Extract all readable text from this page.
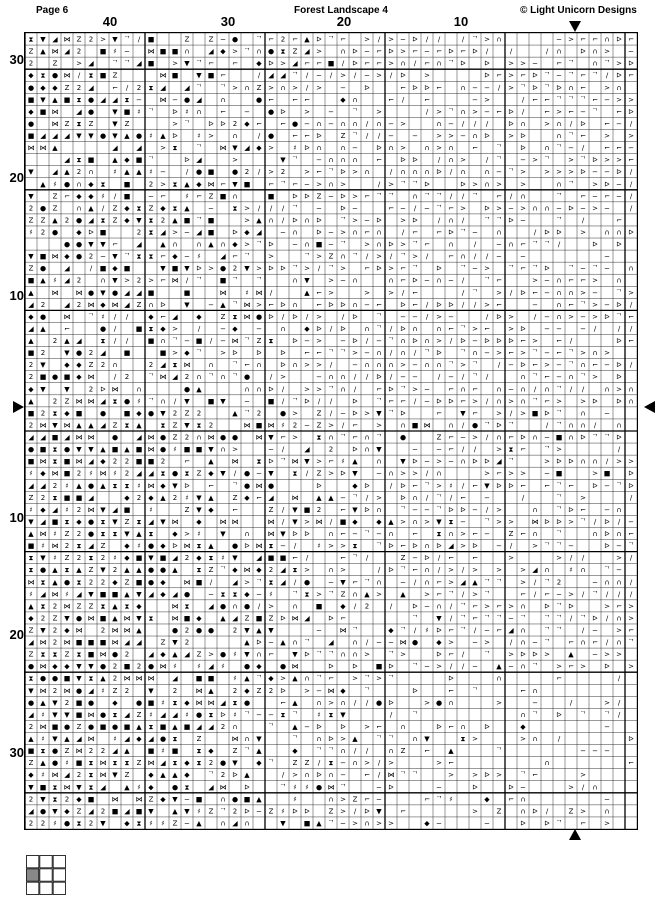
Page 6	Forest Landscape 4	© Light Unicorn Designs
40	30	20	10
30
20
10
10
20
30
⧗ ▼ ◢ ⋈ Z 2 > ▼ ᄀ / ■	Z	Z − ●	ᄀ ⌐ 2 ⌐ ▲ ᐅ ᄀ ⌐	> / > − ᐅ / /	/ ᄀ > ∩	− > ⌐ ⌐ ∩ ᐅ ⌐
Z ▲ ⋈ ◢ 2	■ ♯ −	⋈ ■ ■ ∩	◢ ◆ > ᄀ ∩ ● ⧗ Z ◢ >	∩ ᐅ − ⌐ ᐅ > ⌐ − ⌐ ᐅ ⌐ ᐅ /	/	/ ∩	ᐅ ∩ >	−
2	Z	> ◢	ᄀ ᄀ ◢ ■	> ▼ ᄀ ⌐	⌐	◆ ᐅ > ◢ ⌐ ⌐ ■ / ᐅ ⌐ ⌐ > ∩ / ⌐ ∩ ᄀ ᐅ	ᐅ	> > −	⌐ ᄀ	∩ ᄀ > ᐅ
◆ ⧗ ● ⋈ / ⧗ ■ Z	⋈ ■	▼ ■ ⌐	/ ◢ ◢ ᄀ / − / > / − > / ᐅ	>	ᐅ ⌐ > ⌐ ᐅ ᄀ − ᄀ ⌐ ᄀ / ᐅ ⌐
● ◆ ◆ Z 2 ◢	⌐ / 2 ⧗ ◢	◢ ᄀ ᄀ > ∩ Z > ∩ > / >	−	ᐅ	⌐ ᐅ ᐅ ⌐	∩ − − / > ᄀ ᐅ ᄀ ᐅ ∩ ⌐	> ∩
■ ▼ ▲ ■ ⧗ ● ◢ ◢ ⧗ −	⋈ − ● ◢	∩	● ⌐	⌐ ⌐	◆ ∩	⌐ /	⌐	− >	/ ⌐ ⌐ ᄀ ᄀ ᄀ ⌐ − > >
◆ ■ ⋈	◢ ●	▼ ■ ♯ ᄀ	ᐅ ♯ ∩	⌐	−	● ᐅ	>	−	ᄀ	>	/ > ᄀ ∩ > − ⌐ ᐅ /	⌐ > ⌐ − ᄀ	⌐ ᐅ
● ⋈ Z ⧗ Z	▼ Z	> ᄀ	ᐅ ᐅ 2 ◆ ⌐	⌐ ● − ∩ − ∩ ∩ / ∩ − >	∩ − / / /	ᐅ ∩	> ∩ / ᐅ	⌐ − /
■ ◢ ◢ ◢ ▼ ▼ ● ▼ ▲ ● ♯ ▲ ᐅ	♯ >	∩	/ ●	⌐ ⌐ ᐅ	Z ᄀ / / −	−	> > − ∩ ᐅ	> ᐅ	∩ ᄀ ⌐	>	>
⋈ ⋈ ▲	◢	◢	> ⧗	ᄀ ⋈ ▼ ◢ ◆ >	♯ ᐅ ∩	∩ −	ᐅ ∩ >	∩ > ∩	⌐	ᄀ	ᐅ	∩ ᄀ − /	⌐ ⌐ −
◢ ⧗ ■	▲ ◆ ■ ᄀ	ᐅ ◢	>	▼ ᄀ	− ∩ ∩ ∩	⌐	ᐅ ᐅ	/ ∩ >	/ ᄀ	− > ᄀ	> ᄀ ᐅ > > ⌐
▼	◢ ▲ 2 ∩	♯ ▲ ▲ ♯ −	/ ● ■	● 2 / > 2	> ⌐ ᄀ ᐅ > ∩	/ ∩ ∩ ∩ ᐅ / ∩	∩ − ᄀ >	> > > ᐅ − − ᐅ /
▲ ♯ ● ∩ ◆ ⧗	■	2 > ⧗ ▲ ◆ ⋈ ⌐ ▼ ■	⌐ ᄀ ⌐ − > ∩ >	/ > ᄀ ᄀ ᐅ	ᐅ > ∩ >	>	∩ ᄀ	> ᐅ − /
▼	Z ⌐ ◆ ◆ ♯ / ■	− ⌐	♯ ⌐ Z ■ ∩	■	ᐅ ᐅ Z − ᐅ > ⌐ ᄀ ᄀ	∩ ᄀ ᄀ / / ᄀ	⌐ / ∩	ᄀ	⌐ − ⌐ − /
2 ● Z	∩ ▲ / Z ◆ ⧗ Z ◆ ⧗ ▲	−	⧗ > / / / ᄀ	−	ᐅ −	⌐ − / − ᄀ ⌐ >	ᐅ > − > ∩ ∩ − ᐅ − > −	/
Z Z ▲ 2 ● ◢ ⧗ Z ◆ ▼ ⧗ 2 ▲ ■ ᄀ ■	> ▲ ∩ / ᐅ ∩ ᐅ	ᄀ > − ᐅ	> ᐅ	/ ∩ /	ᄀ ᄀ ᐅ −	ᄀ	/	⌐
♯ 2 ●	◆ ᐅ ■	2 ⧗ ◢ > − ◢ ■	ᐅ ◆ ◢	− ∩	ᐅ − > ∩ ⌐ ∩	/ ⌐	⌐ ᐅ ᄀ −	∩	/ ᐅ ᐅ	>	∩ ∩ ᐅ
● ● ▼ ▼ ⌐	◢	▲ ∩	∩ ▲ ∩ ◆ > ᄀ ᐅ	− ∩ ■ − ᄀ	> ∩ ᐅ > ᄀ ⌐	∩	/	− ∩ ⌐ ᄀ ᄀ /	ᐅ	ᐅ
▼ ■ ⋈ ◆ ● 2 − ▼ ᄀ ⧗ ⧗ ⌐ ◆ − ♯	◢ ⌐ ᄀ	>	ᄀ > Z ∩ ᄀ / > / ᄀ > /	⌐ ∩ / / −	−	−
Z ●	◢	/ ■ ◆ ■	▼ ■ ▼ ᐅ > ● 2 ▼ > ᐅ ᐅ ᄀ > / ᄀ >	⌐ ᐅ > ⌐ ᄀ	ᐅ	ᄀ − >	ᄀ ⌐ ᄀ ᐅ	ᄀ − ᄀ −	∩
■ ▲ ♯ ◢ 2	∩ ▼ > 2 > ⌐ ⋈ / ᄀ ■ ᄀ ᄀ	∩ ▼	> − ∩	∩ ⌐ ᐅ − ∩ − /	ᄀ ⌐	> − ∩ ⌐ ⌐ >	∩
▲	⋈ ⋈ ● ▼ ● ◢ ◢ ■	■	⋈	♯ ⋈ /	▲ ⌐ >	>	> / ⌐	/ ᄀ	> / ᐅ ⌐ − ∩ ∩ > −	ᄀ >
◢ 2	◢ 2 ⋈ ◆ ⋈ ◢ Z ∩ ᐅ	▼	− ▲ ᄀ ⋈ > ⌐ ᐅ ∩	⌐ ᐅ ᐅ ∩ − ⌐	ᐅ ⌐ / ᐅ ᐅ / / > ⌐	−	∩ ⌐ ᄀ > − ᐅ /
◆ ● ⋈ ᄀ ♯ / /	◆ ⌐ ◢	◆	Z ⧗ ⋈ ● ᐅ / ᐅ / >	/ ᐅ	ᄀ	− − / > −	/ ᐅ >	/ − ∩ > − > ᐅ ᄀ ⌐
◢ ▲	⌐	● /	■ ⧗ ◆ >	/	− ◆	−	∩	◆ ᐅ / ᐅ	∩ ᄀ / ᐅ ∩	∩ ⌐ ᄀ > ⌐	> ᐅ	− −	− /	/ /
▲	2 ▲ ◢	⧗ / /	■ ∩ ᄀ − ■ / − ⋈ ᄀ Z ⧗	ᐅ − >	− ᐅ / − ᄀ ∩ ᐅ ∩ > / ᐅ − ᐅ ᐅ ᐅ ⌐ >	⌐ /	ᐅ ⌐
■ 2	▼ ● 2 ◢	■	■ > ◆ ᄀ	> ᐅ	ᐅ	ᐅ	⌐ ⌐ ᄀ ᄀ > − ∩ / ∩ / ᄀ ᐅ	ᄀ ∩ − > ⌐ > ᄀ − ⌐ ᄀ > ∩ >
2 ▼	◆ ◆ Z 2 ∩	2 ◢ ⧗ ⋈	∩	ᄀ ⌐ ∩	ᐅ ∩ > > /	− ∩ ∩ ∩ > − ∩ ∩ ᄀ > ᄀ	/ − ᐅ ⌐ > − ᄀ ∩ ⌐ − ᐅ /
2 ■ ● ■ ◆ ⋈	/ 2	ᄀ ⋈ ◢ 2 ∩ ᄀ ∩ ᄀ ●	/ >	− ∩ ∩ / / ᐅ / − −	/ − / ᄀ /	∩ ᄀ ⌐ − ∩ ᄀ >	ᐅ
◆ ▼	▼	2 ᐅ ⋈	∩	● ▲	∩ ∩ ᐅ /	> > ᄀ ∩ /	⌐ ᐅ ᄀ > −	⌐ ∩ ⌐	∩ − ∩ / ∩ ᄀ / /	∩ > ∩
▲	2 Z ⋈ ⋈ ◢ ⧗ ● ♯ ᄀ ∩ / ▼	■ ▼	−	■ / ᄀ ᐅ / /	ᐅ	ᄀ ⌐ ⌐ / − ᐅ ᐅ ⌐ > / ∩ > ∩ ᄀ ⌐ >	> ᐅ	ᐅ ∩
■ 2 ⧗ ◆ ■	●	■ ◆ ● ▼ 2 Z 2	▲ ᄀ 2	● >	Z / − ᐅ > ▼ ᄀ ᐅ	⌐	▼ ⌐	> / > ■ ᐅ ᄀ	∩	−
2 ⋈ ▼ ⋈ ▲ ▲ ◢ Z ⧗ ▲	⧗ Z ▼ ⧗ 2	⋈ ■ ⋈ ♯ 2 − Z > / ⌐	>	∩ ■ ⋈	∩ / ● ᄀ ᐅ ᄀ	/ ᄀ ∩ ∩ /	∩
◢ ◢ ■ ◢ ⋈ ⋈ ●	◢ ⋈ ● Z 2 ∩ ⋈ ● ● ⋈ ▼ ⌐ >	⧗ ∩ ᄀ ⌐ ∩ ᄀ	●	Z ⌐ − > / ∩ ⌐ ᐅ ∩ − ■ ∩ ᐅ ᄀ ᄀ ᐅ
● ■ ⧗ ● ▼ ▼ ▲ ■ ▲ ■ ⋈ ● ♯ ■ ■ ▼ ∩ >	− /	◢	2	ᐅ ∩ ▼	−	− ⌐ / /	> ⧗ ⌐	ᄀ >	/
■ ⋈ ⧗ ■ ⋈ ◢ ◆ 2 2 ■ ■ 2	⌐	▲	⋈	⧗ ᐅ ᄀ ⋈ ▼ > ⌐ ♯ ▲	∩	▼ ᐅ − > − ∩ ᐅ ᐅ ◢ ᄀ	> ᐅ ᐅ ∩ ∩ / > >
♯ ◆ ⋈ ■ 2 ♯ ⋈ ♯ 2 ◢ ◢ ⧗ ● ⧗ Z ◆ ▼ / ● − ▼	⧗ / Z > ᐅ ▼	− ∩ > > / ∩	> ⌐ > >	− ■	> ■	ᐅ
◢ ◢ 2 ♯ ▲ ● ▲ ⧗ ⧗ ♯ ⋈ ◆ ▼ ᐅ	⌐	ᄀ ● ⋈ ●	ᐅ	◆ ᐅ	/ ᐅ ⌐ ᄀ > ♯ / ⌐ ▼ ᐅ ᐅ ⌐	⌐ ᄀ ⌐	ᐅ − ᄀ ᐅ
Z 2 ⧗ ■ ■ ◢	◆ 2 ◆ ▲ 2 ♯ ▼ ▲	Z ◆ ⌐ ◢	⋈	▲ ▲ − ᄀ / >	ᐅ ∩ / ᄀ / ⌐	−	/	ᄀ	>	/
♯ ◆ ◢ ♯ 2 ⋈ ▼ ◢ ■	♯	Z ▼ ◆	⌐	Z / ▼ ■ 2	⌐ ▼ ᐅ ∩	ᄀ − − ᄀ ᐅ ᐅ − / >	∩	ᄀ ᐅ ⌐	− ∩
▼ ◢ ■ ⧗ ◆ ● ⧗ ▼ Z ⧗ ◢ ▼ ⋈	◆	⋈ ⋈	⋈ / ▼ > ⋈ / ■ ◆	◆ ▲ > ∩ > ▼ ⧗ −	ᄀ > >	⋈ ᐅ ᐅ > ᄀ / ᐅ / −
▲ ⋈ ♯ Z 2 ● ⧗ ⧗ ▼ ▲ ⧗	◆ > ♯	▼	∩	⋈ ▼ ᐅ ᐅ	∩ ⌐ − ᄀ − ∩	⌐	⧗ ∩ > ⌐ −	Z ⌐ ∩	ᄀ	∩ ᐅ ∩ ⌐
■ ♯ ⋈ 2 ⧗ ◢ Z	◆ ♯ ● ◆ ᐅ ⋈ ⧗ ▲	● ᐅ ⋈ ⧗ − /	♯ > > ⧗	ᄀ ᐅ ⌐ ᐅ ∩ ᐅ ◢ > ᐅ	− /	> ᄀ ᄀ −	ᐅ − ᄀ
⧗ ▼ ♯ Z 2 ⧗ 2 ♯ ◆ ■ ▼ ■ ◢ 2 ◆ ⧗ ♯ ▼	◢ ■ ■ ⌐ /	⌐ ᄀ /	Z − ᐅ / ⌐	⌐	>	> / /	> /
⧗ ● ▲ ⧗ ▲ Z ▼ 2 ▲ ▲ ● ● ▲	⧗ Z ᄀ ◆ ⋈ ◆ 2 ◢ ⧗ >	∩ >	/ ᐅ ᄀ ⌐ ∩ / > / >	>	> ◢ ∩	♯ ∩	ᄀ −
⋈ ⧗ ▲ ● ⧗ 2 2 ◆ Z ■ ● ◆	⋈ ■ /	◢ > ᄀ ⧗ ◢ / ●	− ▼ ⌐ ᄀ ∩	− / ∩ ⌐ > ◢ ▲ ᄀ ᄀ	> / ᄀ 2	− ∩ ∩ /
♯ ◢ ⋈ ♯ ◢ ▼ ■ ■ ▲ ▼ ◢ ◆ ◢ ●	− ⧗ ⧗ ◆ − ♯	ᄀ ⧗ > ᄀ Z ∩ ▲ >	▲	> ⌐ ᄀ / > ᄀ	⌐ / ⌐ − > / ᄀ / / /
▲ ⧗ 2 ⋈ Z Z ⧗ ▲ ⧗ ◆	⋈ ⧗	◢ ● ∩ ● / >	∩	■	◆ / 2	/	ᐅ − ∩ / ᄀ ⌐ > ⌐ > ∩	ᐅ ᄀ ᐅ	> ⌐ >
◆ 2 Z ▼ ● ⋈ ■ ▲ ⋈ ▼ ⧗	⋈ ■ ◆	▲ ◢ Z ■ Z ᐅ ⋈ ◢	ᐅ ⌐	ᄀ	▼ / ᄀ ⌐ ᄀ ᄀ − ᄀ ᄀ ᄀ / ᄀ ᐅ / ∩ >
Z ▼ 2 ◆ ⋈	2 ⋈ ⋈ ▲	● 2 ● ●	2 ▼ ▲ ▼	−	⋈ ᄀ	◆ ᄀ / ♯ ᐅ ⌐ ᄀ / − ⌐ ◢ ∩	ᄀ ᄀ	/ −	> ⌐
◢ ⋈ 2 ⋈ ■ ■ ■ ⋈ ◢ ◢	Z ▼ 2	▲ ᐅ − ▲ ∩ ᄀ	◢	∩ / − − ⋈ ●	◆ >	− >	/ ∩ − ᄀ	⌐ ∩ ⌐ / ∩ ᄀ
Z ⧗ ⧗ Z ⧗ ■ ⋈ ● 2	◢ ◆ ▲ ◢ Z > ● ♯ ▼ ∩ ⌐	▼ ᐅ ᄀ ᄀ ∩ ∩ >	ᄀ >	ᐅ ⌐ /	ᄀ	> ᐅ ᐅ >	▲	− > >
● ⋈ ◆ ◆ ▼ ▼ ● 2 ■ 2 ● ⋈ ♯	♯ ◢ ♯	● ◆	● ⋈	ᐅ	ᐅ	■ ᐅ	ᄀ − > / / −	▲ − ∩ ᄀ	> ⌐ >	ᐅ	>
⧗ ● ● ■ ▼ ⧗ ▲ 2 ⋈ ⋈ ⋈	◢	■ ■	♯ ▲ ᄀ ◆ > ▲ ∩ ᄀ ⌐	> ᄀ > ᄀ	ᐅ	∩	⌐	/
▼ ⋈ 2 ⋈ ● ◢ ♯ Z 2	▼	2	⋈ ▲	2 ◆ Z 2 ᐅ	> − ⋈ ◆	ᄀ	ᐅ	⌐	ᄀ	⌐ ∩
● ▲ ▼ 2 ■ ●	◆	● ■ ♯ ⧗ ◆ ⋈ ⋈ ◢ ⧗ ●	⌐ ▲	∩ > ∩ / / ● ᐅ	> ● ∩	>	−	/	> /
◢ ♯ ▼ ▼ ■ ⋈ ● ⧗ ◢ Z ♯ ◢ ◢ ♯ ● ⧗ ᐅ ♯ ᄀ − − ⧗ ᄀ	♯ ⧗ ▼	/	ᄀ	∩ ᄀ	ᐅ	ᄀ ᄀ /
2 ⋈ ■ ● Z ● ■ ● ■ ▲ ⧗ ■ ▲ ■ ◢ ◢ 2 ∩	ᄀ	▲ − ᐅ	ᐅ	> ⌐	∩	ᐅ ⌐ ∩	ᐅ	◆	−
▲ ♯ ▼ ▲ ◢ ⋈	♯ ◢ ◆ ◢ ● ⧗	Z	⋈ ∩ ▼	ᄀ	∩ ᐅ > ▲	ᄀ ᄀ	∩ ▼	⧗ >	> ∩	/	ᐅ
■ ⧗ ● Z ⋈ 2 2 ◢ ▲	■ ♯ ■	⧗ ◆	Z ᄀ ▲	◆	ᄀ ᄀ ∩ / /	∩ Z	⌐	▲	ᄀ	− − −
Z ▲ ● ♯ ■ ⧗ ⋈ ⧗ ⧗ Z ⋈ ◢ ⧗ ◆ ⧗ 2 ● ▼	◆ ᄀ	Z Z / ⧗ − ∩ > / >	> ⌐	∩	⌐
◆ ♯ ⋈ ◢ 2 ⧗ ⋈ ▼ Z	◆ ▲ ▲ ◆	ᄀ 2 ᐅ ▲	/ > ∩ ᐅ ∩ −	⌐ / ⋈ ᄀ ᄀ	>	> ᐅ >	ᄀ ⌐	>
▼ ■ ⧗ ⋈ ▼ ⧗ ◢	▲ ♯ ◆	● ⧗	◢ ⋈	ᐅ	ᄀ ♯ ♯ ● ⋈ ᄀ	− ᐅ	−	ᐅ	ᐅ −	> / ∩
2 ▼ ⧗ 2 ◆ ■ ⋈ ⋈ Z ◆ ▼ − ■	∩ ● ■ ▲	♯	∩ > Z ⌐ −	⌐ ᄀ ♯	◆	⌐ ∩	−
◢ ● ▼ ◆ Z ◢ 2 ■ ◢ ■ ▼	▲ ▼ ♯ Z ᄀ 2 ᐅ − Z ♯ ᐅ ᐅ	Z > / ᐅ ▼	⌐	>	Z	∩ ᐅ /	Z >	∩
2 2 ♯ ● ⧗ 2 ▼	◆ ⧗ ♯ ♯ Z − ▲	∩ ◢ ∩	▼	■ ▲ ᄀ − > ∩ > >	◆ −	−	ᐅ	ᐅ ᄀ	⌐	>
